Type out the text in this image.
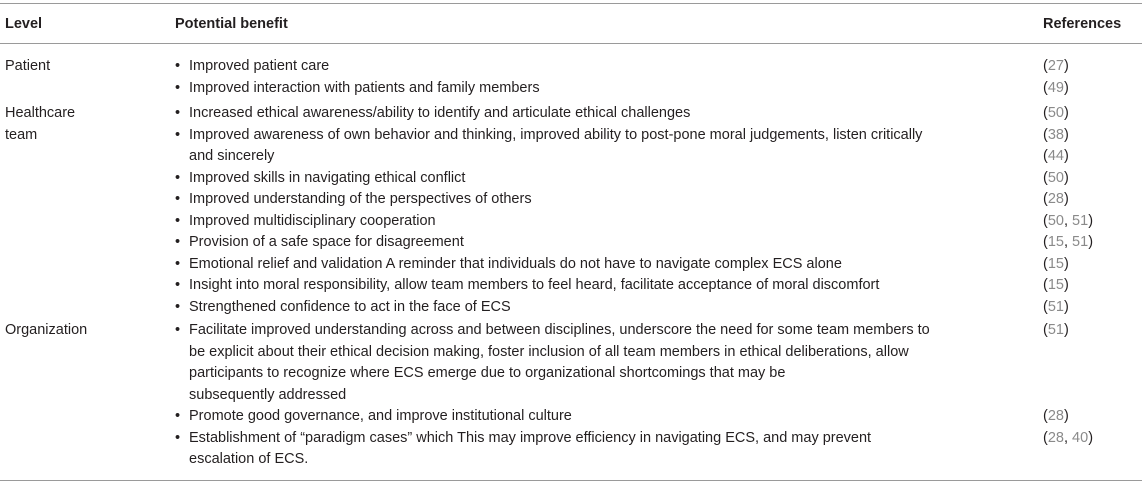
Level	Potential benefit	References
Patient
Healthcare
team
Organization
•
•
•
•
•
•
•
•
•
•
•
•
•
•
Improved patient care
Improved interaction with patients and family members
Increased ethical awareness/ability to identify and articulate ethical challenges
Improved awareness of own behavior and thinking, improved ability to post-pone moral judgements, listen critically
and sincerely
Improved skills in navigating ethical conflict
Improved understanding of the perspectives of others
Improved multidisciplinary cooperation
Provision of a safe space for disagreement
Emotional relief and validation A reminder that individuals do not have to navigate complex ECS alone
Insight into moral responsibility, allow team members to feel heard, facilitate acceptance of moral discomfort
Strengthened confidence to act in the face of ECS
Facilitate improved understanding across and between disciplines, underscore the need for some team members to
be explicit about their ethical decision making, foster inclusion of all team members in ethical deliberations, allow
participants to recognize where ECS emerge due to organizational shortcomings that may be
subsequently addressed
Promote good governance, and improve institutional culture
Establishment of “paradigm cases” which This may improve efficiency in navigating ECS, and may prevent
escalation of ECS.
(27)
(49)
(50)
(38)
(44)
(50)
(28)
(50, 51)
(15, 51)
(15)
(15)
(51)
(51)
(28)
(28, 40)
